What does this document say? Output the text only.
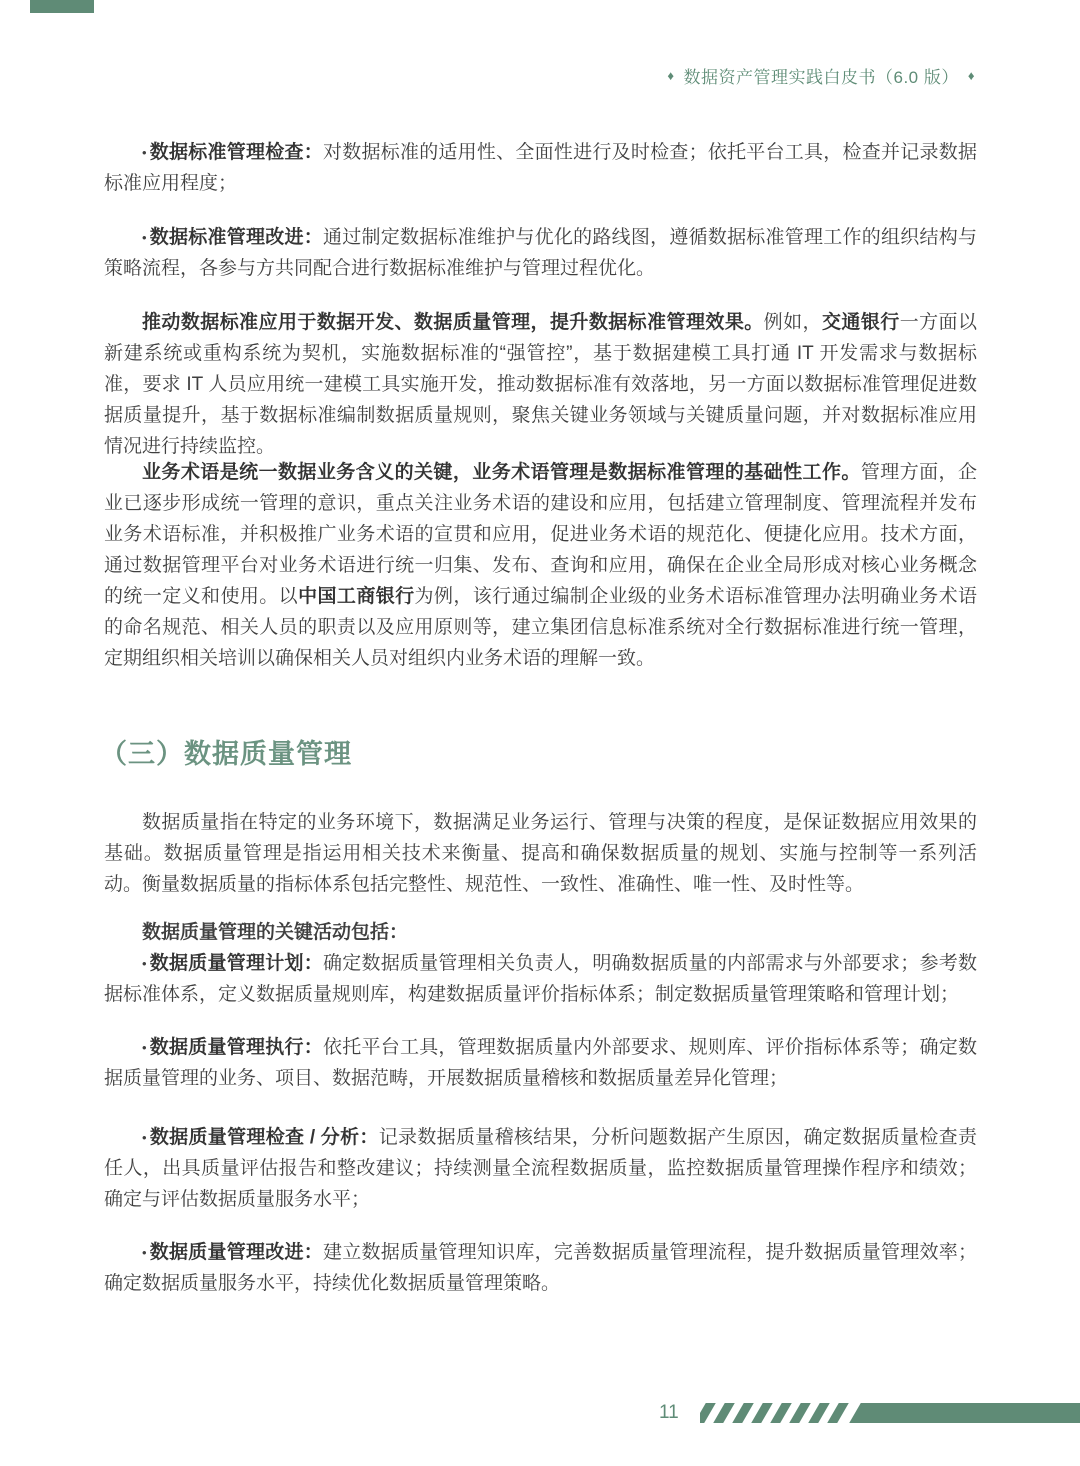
♦ 数据资产管理实践白皮书（6.0 版） ♦

• 数据标准管理检查：对数据标准的适用性、全面性进行及时检查；依托平台工具，检查并记录数据标准应用程度；

• 数据标准管理改进：通过制定数据标准维护与优化的路线图，遵循数据标准管理工作的组织结构与策略流程，各参与方共同配合进行数据标准维护与管理过程优化。

推动数据标准应用于数据开发、数据质量管理，提升数据标准管理效果。例如，交通银行一方面以新建系统或重构系统为契机，实施数据标准的“强管控”，基于数据建模工具打通 IT 开发需求与数据标准，要求 IT 人员应用统一建模工具实施开发，推动数据标准有效落地，另一方面以数据标准管理促进数据质量提升，基于数据标准编制数据质量规则，聚焦关键业务领域与关键质量问题，并对数据标准应用情况进行持续监控。

业务术语是统一数据业务含义的关键，业务术语管理是数据标准管理的基础性工作。管理方面，企业已逐步形成统一管理的意识，重点关注业务术语的建设和应用，包括建立管理制度、管理流程并发布业务术语标准，并积极推广业务术语的宣贯和应用，促进业务术语的规范化、便捷化应用。技术方面，通过数据管理平台对业务术语进行统一归集、发布、查询和应用，确保在企业全局形成对核心业务概念的统一定义和使用。以中国工商银行为例，该行通过编制企业级的业务术语标准管理办法明确业务术语的命名规范、相关人员的职责以及应用原则等，建立集团信息标准系统对全行数据标准进行统一管理，定期组织相关培训以确保相关人员对组织内业务术语的理解一致。

（三）数据质量管理

数据质量指在特定的业务环境下，数据满足业务运行、管理与决策的程度，是保证数据应用效果的基础。数据质量管理是指运用相关技术来衡量、提高和确保数据质量的规划、实施与控制等一系列活动。衡量数据质量的指标体系包括完整性、规范性、一致性、准确性、唯一性、及时性等。

数据质量管理的关键活动包括：
• 数据质量管理计划：确定数据质量管理相关负责人，明确数据质量的内部需求与外部要求；参考数据标准体系，定义数据质量规则库，构建数据质量评价指标体系；制定数据质量管理策略和管理计划；

• 数据质量管理执行：依托平台工具，管理数据质量内外部要求、规则库、评价指标体系等；确定数据质量管理的业务、项目、数据范畴，开展数据质量稽核和数据质量差异化管理；

• 数据质量管理检查 / 分析：记录数据质量稽核结果，分析问题数据产生原因，确定数据质量检查责任人，出具质量评估报告和整改建议；持续测量全流程数据质量，监控数据质量管理操作程序和绩效；确定与评估数据质量服务水平；

• 数据质量管理改进：建立数据质量管理知识库，完善数据质量管理流程，提升数据质量管理效率；确定数据质量服务水平，持续优化数据质量管理策略。

11
